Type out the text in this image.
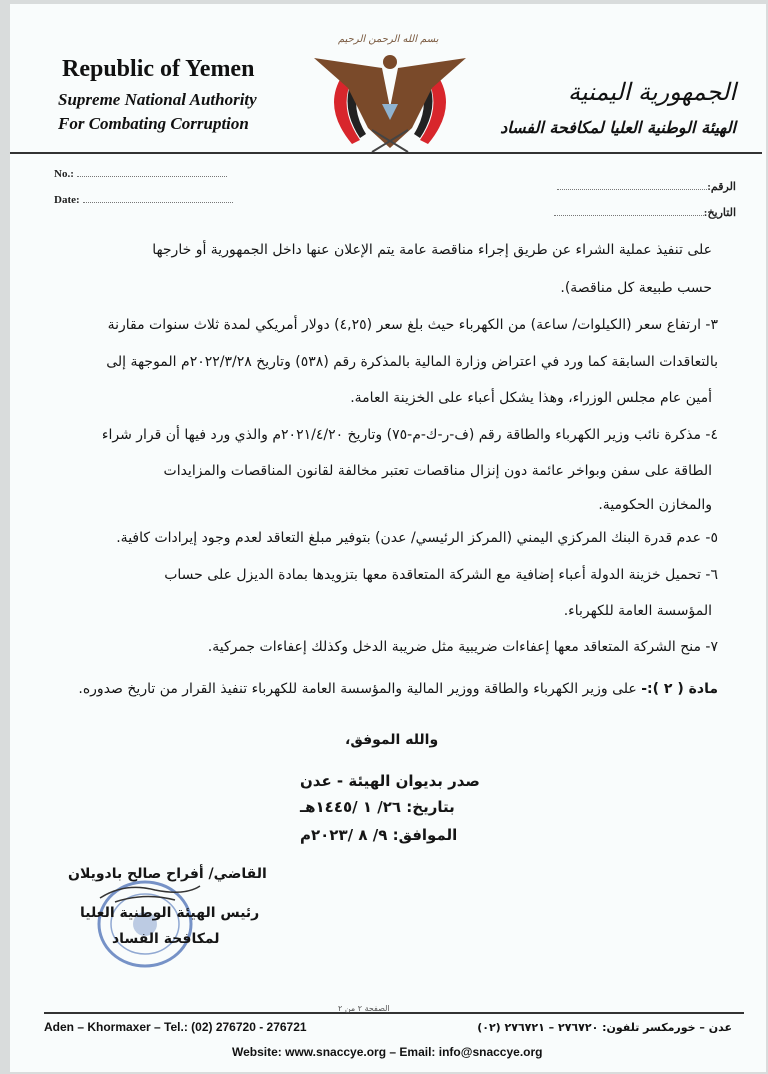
Republic of Yemen
Supreme National Authority
For Combating Corruption
بسم الله الرحمن الرحيم
الجمهورية اليمنية
الهيئة الوطنية العليا لمكافحة الفساد
No.:
Date:
الرقم:
التاريخ:
على تنفيذ عملية الشراء عن طريق إجراء مناقصة عامة يتم الإعلان عنها داخل الجمهورية أو خارجها
حسب طبيعة كل مناقصة).
٣- ارتفاع سعر (الكيلوات/ ساعة) من الكهرباء حيث بلغ سعر (٤,٢٥) دولار أمريكي لمدة ثلاث سنوات مقارنة
بالتعاقدات السابقة كما ورد في اعتراض وزارة المالية بالمذكرة رقم (٥٣٨) وتاريخ ٢٠٢٢/٣/٢٨م الموجهة إلى
أمين عام مجلس الوزراء، وهذا يشكل أعباء على الخزينة العامة.
٤- مذكرة نائب وزير الكهرباء والطاقة رقم (ف-ر-ك-م-٧٥) وتاريخ ٢٠٢١/٤/٢٠م والذي ورد فيها أن قرار شراء
الطاقة على سفن وبواخر عائمة دون إنزال مناقصات تعتبر مخالفة لقانون المناقصات والمزايدات
والمخازن الحكومية.
٥- عدم قدرة البنك المركزي اليمني (المركز الرئيسي/ عدن) بتوفير مبلغ التعاقد لعدم وجود إيرادات كافية.
٦- تحميل خزينة الدولة أعباء إضافية مع الشركة المتعاقدة معها بتزويدها بمادة الديزل على حساب
المؤسسة العامة للكهرباء.
٧- منح الشركة المتعاقد معها إعفاءات ضريبية مثل ضريبة الدخل وكذلك إعفاءات جمركية.
مادة ( ٢ ):- على وزير الكهرباء والطاقة ووزير المالية والمؤسسة العامة للكهرباء تنفيذ القرار من تاريخ صدوره.
والله الموفق،
صدر بديوان الهيئة - عدن
بتاريخ: ٢٦/ ١ /١٤٤٥هـ
الموافق: ٩/ ٨ /٢٠٢٣م
القاضي/ أفراح صالح بادويلان
رئيس الهيئة الوطنية العليا
لمكافحة الفساد
الصفحة ٢ من ٢
Aden – Khormaxer – Tel.: (02) 276720 - 276721	عدن – خورمكسر تلفون: ٢٧٦٧٢٠ – ٢٧٦٧٢١ (٠٢)
Website: www.snaccye.org – Email: info@snaccye.org
